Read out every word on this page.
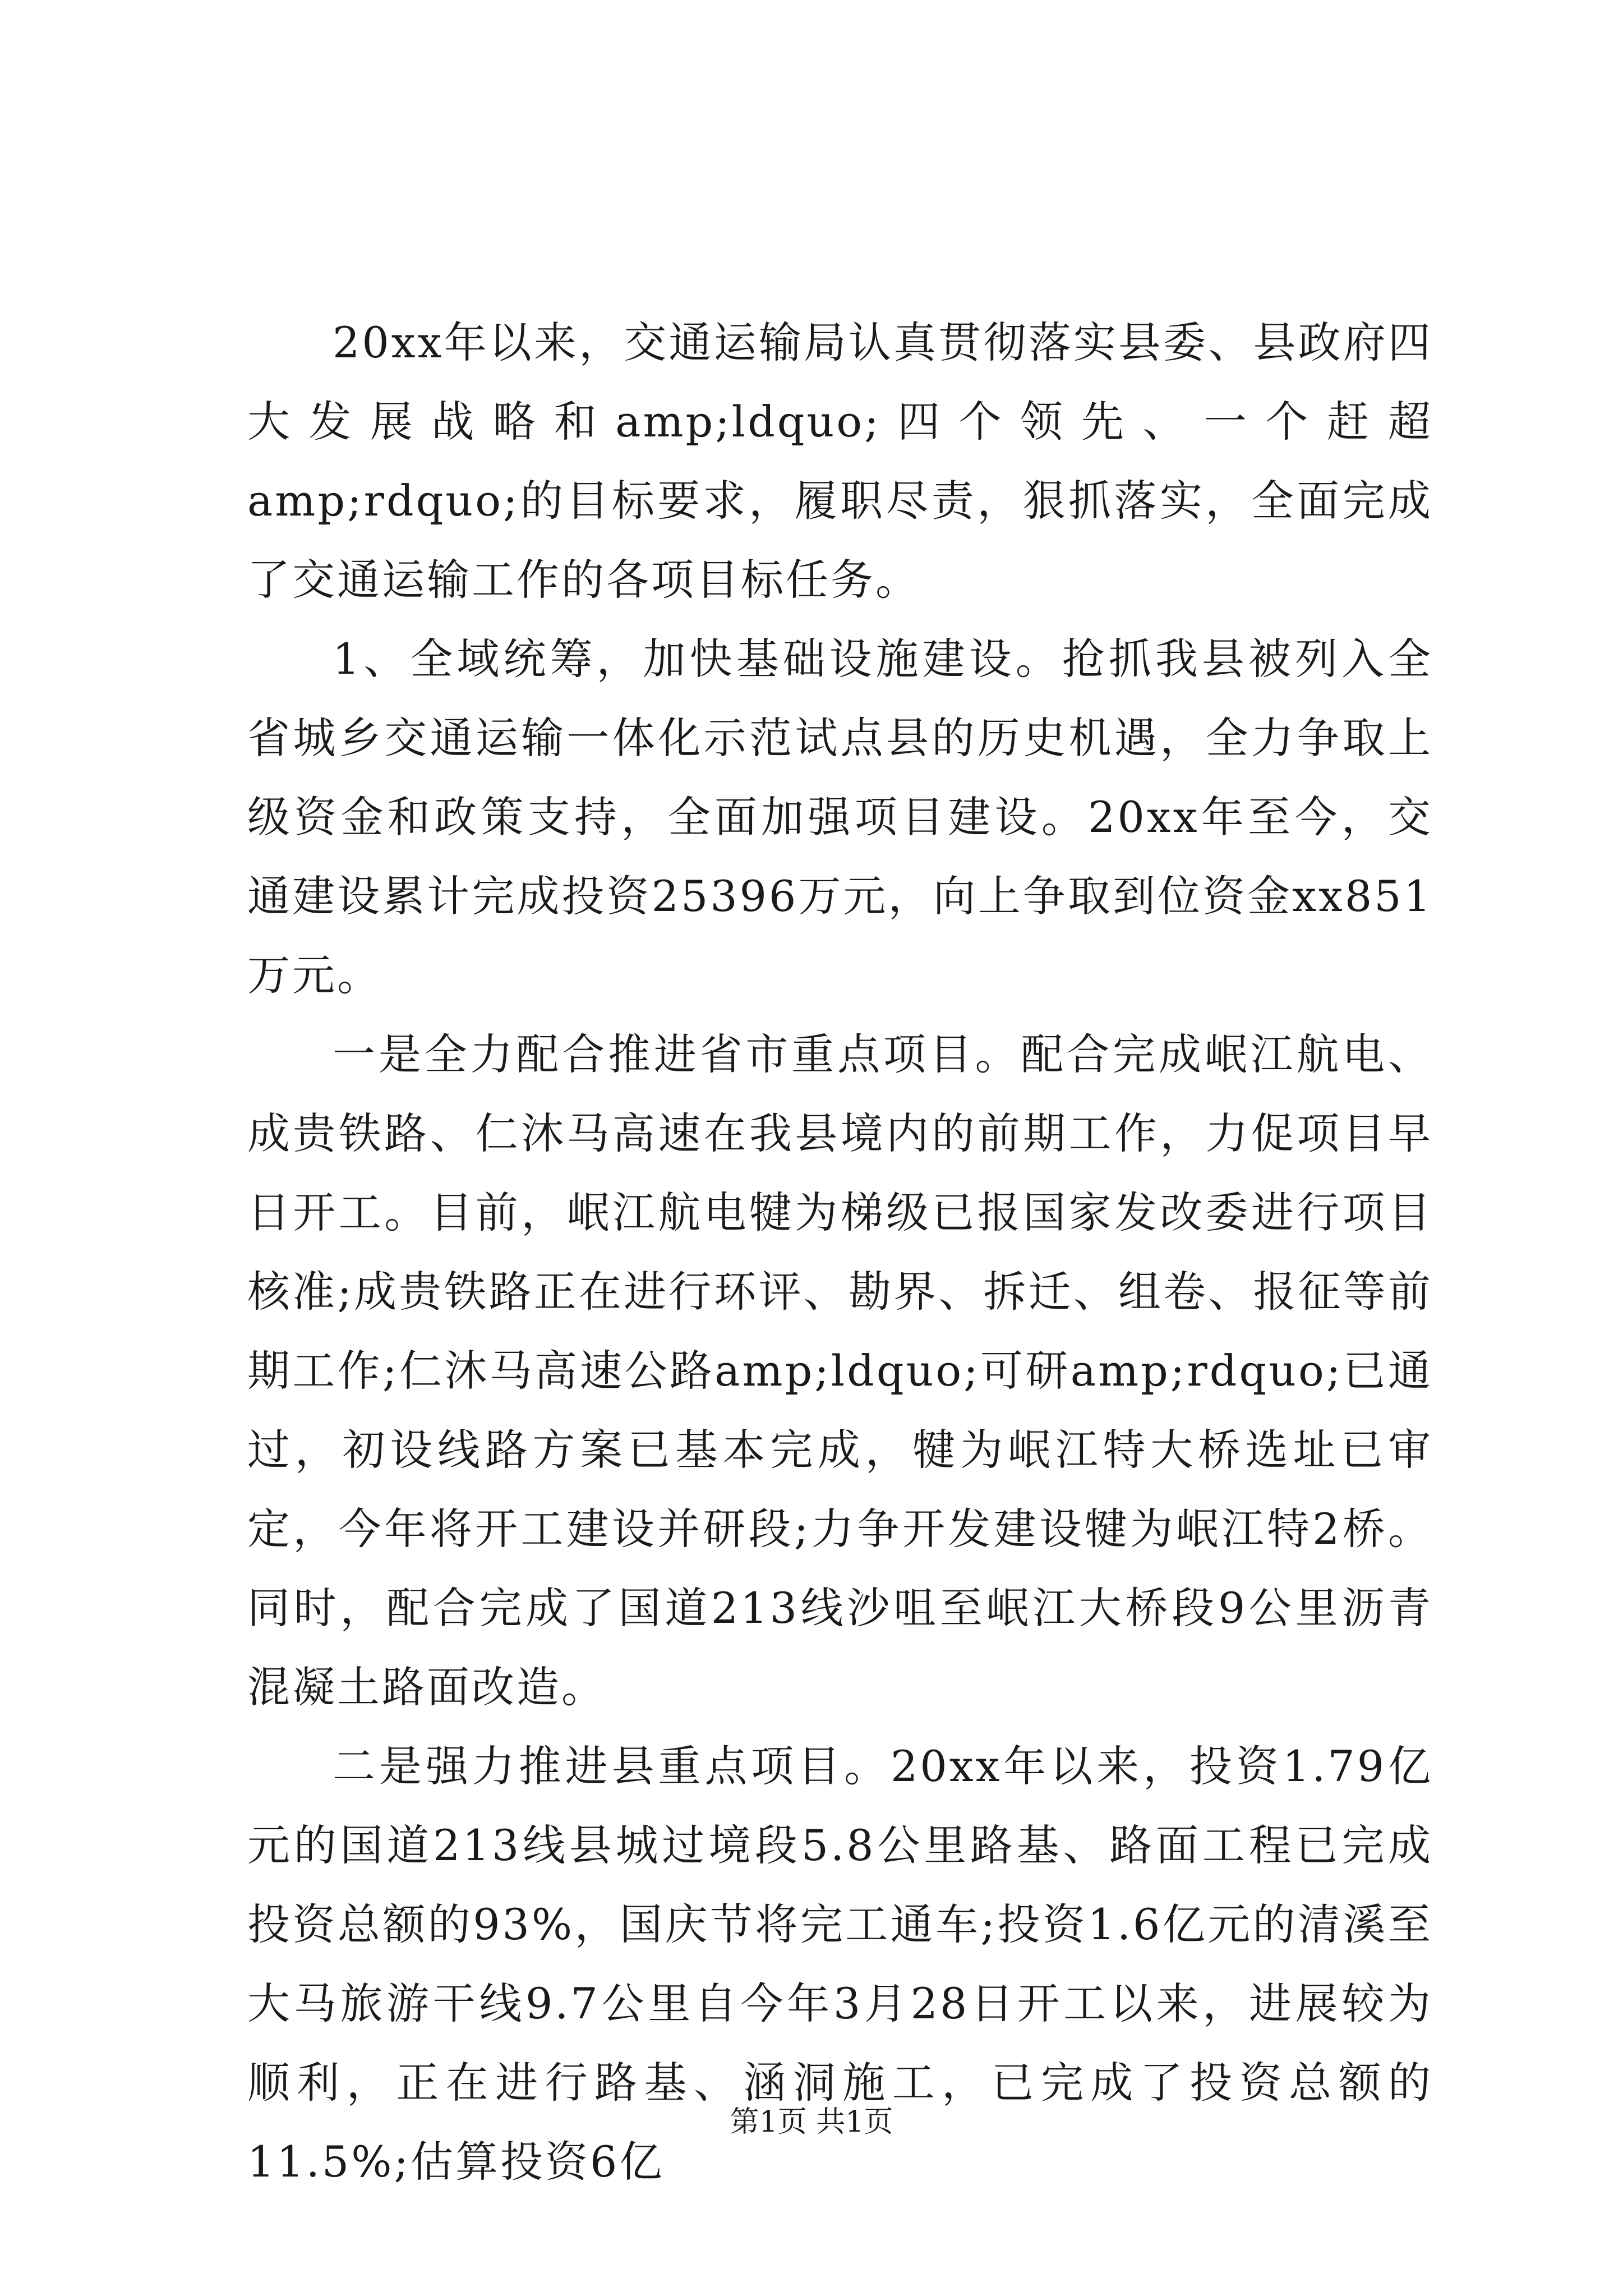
20xx年以来，交通运输局认真贯彻落实县委、县政府四大发展战略和amp;ldquo;四个领先、一个赶超amp;rdquo;的目标要求，履职尽责，狠抓落实，全面完成了交通运输工作的各项目标任务。

1、全域统筹，加快基础设施建设。抢抓我县被列入全省城乡交通运输一体化示范试点县的历史机遇，全力争取上级资金和政策支持，全面加强项目建设。20xx年至今，交通建设累计完成投资25396万元，向上争取到位资金xx851万元。

一是全力配合推进省市重点项目。配合完成岷江航电、成贵铁路、仁沐马高速在我县境内的前期工作，力促项目早日开工。目前，岷江航电犍为梯级已报国家发改委进行项目核准;成贵铁路正在进行环评、勘界、拆迁、组卷、报征等前期工作;仁沐马高速公路amp;ldquo;可研amp;rdquo;已通过，初设线路方案已基本完成，犍为岷江特大桥选址已审定，今年将开工建设并研段;力争开发建设犍为岷江特2桥。同时，配合完成了国道213线沙咀至岷江大桥段9公里沥青混凝土路面改造。

二是强力推进县重点项目。20xx年以来，投资1.79亿元的国道213线县城过境段5.8公里路基、路面工程已完成投资总额的93%，国庆节将完工通车;投资1.6亿元的清溪至大马旅游干线9.7公里自今年3月28日开工以来，进展较为顺利，正在进行路基、涵洞施工，已完成了投资总额的11.5%;估算投资6亿

第1页 共1页
